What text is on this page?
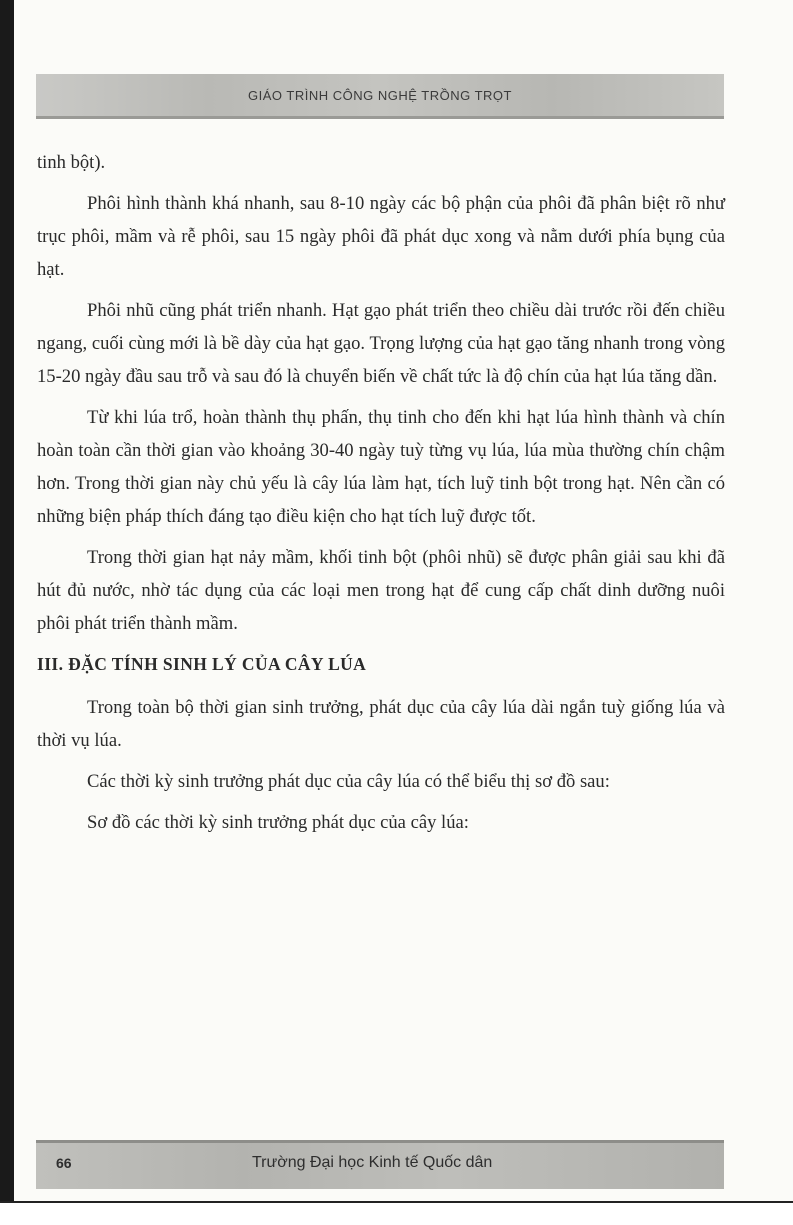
GIÁO TRÌNH CÔNG NGHỆ TRỒNG TRỌT

tinh bột).

Phôi hình thành khá nhanh, sau 8-10 ngày các bộ phận của phôi đã phân biệt rõ như trục phôi, mầm và rễ phôi, sau 15 ngày phôi đã phát dục xong và nằm dưới phía bụng của hạt.

Phôi nhũ cũng phát triển nhanh. Hạt gạo phát triển theo chiều dài trước rồi đến chiều ngang, cuối cùng mới là bề dày của hạt gạo. Trọng lượng của hạt gạo tăng nhanh trong vòng 15-20 ngày đầu sau trỗ và sau đó là chuyển biến về chất tức là độ chín của hạt lúa tăng dần.

Từ khi lúa trổ, hoàn thành thụ phấn, thụ tinh cho đến khi hạt lúa hình thành và chín hoàn toàn cần thời gian vào khoảng 30-40 ngày tuỳ từng vụ lúa, lúa mùa thường chín chậm hơn. Trong thời gian này chủ yếu là cây lúa làm hạt, tích luỹ tinh bột trong hạt. Nên cần có những biện pháp thích đáng tạo điều kiện cho hạt tích luỹ được tốt.

Trong thời gian hạt nảy mầm, khối tinh bột (phôi nhũ) sẽ được phân giải sau khi đã hút đủ nước, nhờ tác dụng của các loại men trong hạt để cung cấp chất dinh dưỡng nuôi phôi phát triển thành mầm.

III. ĐẶC TÍNH SINH LÝ CỦA CÂY LÚA

Trong toàn bộ thời gian sinh trưởng, phát dục của cây lúa dài ngắn tuỳ giống lúa và thời vụ lúa.

Các thời kỳ sinh trưởng phát dục của cây lúa có thể biểu thị sơ đồ sau:

Sơ đồ các thời kỳ sinh trưởng phát dục của cây lúa:

66	Trường Đại học Kinh tế Quốc dân
